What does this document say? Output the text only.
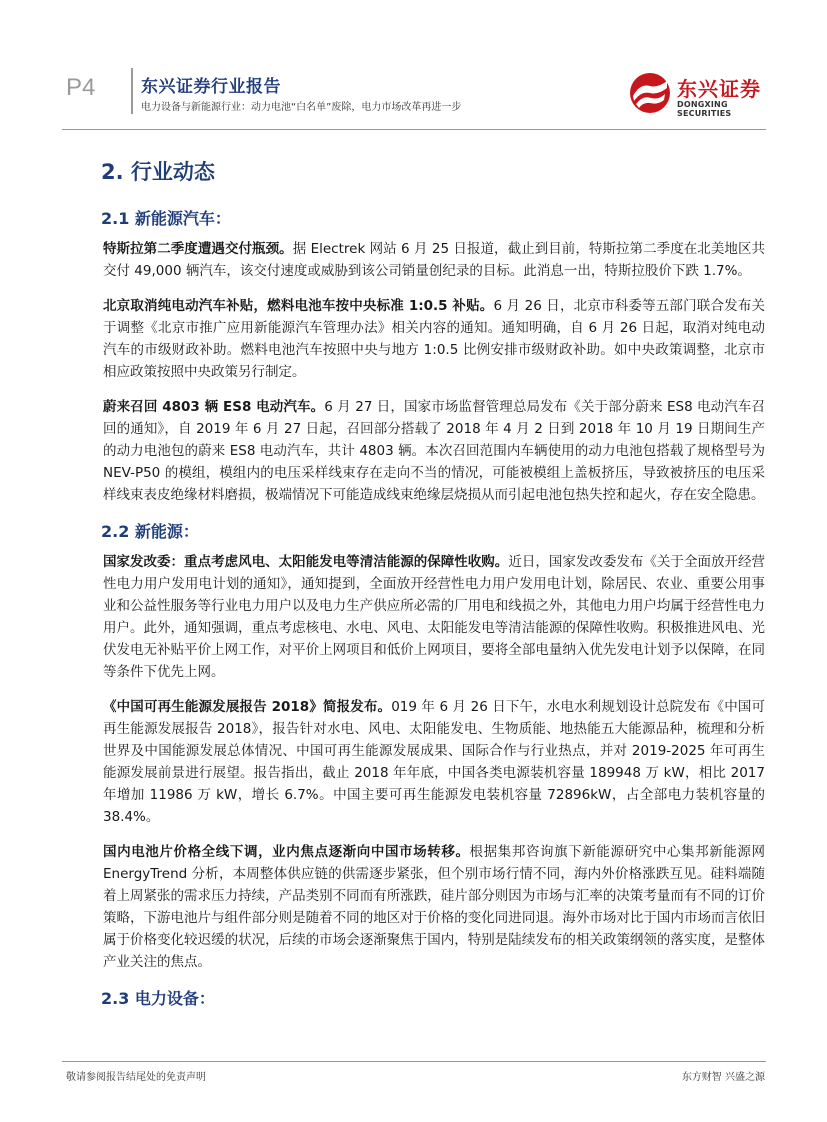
P4	东兴证券行业报告
电力设备与新能源行业：动力电池“白名单”废除，电力市场改革再进一步
东兴证券
DONGXING SECURITIES
2. 行业动态
2.1 新能源汽车：

特斯拉第二季度遭遇交付瓶颈。据 Electrek 网站 6 月 25 日报道，截止到目前，特斯拉第二季度在北美地区共交付 49,000 辆汽车，该交付速度或威胁到该公司销量创纪录的目标。此消息一出，特斯拉股价下跌 1.7%。

北京取消纯电动汽车补贴，燃料电池车按中央标准 1:0.5 补贴。6 月 26 日，北京市科委等五部门联合发布关于调整《北京市推广应用新能源汽车管理办法》相关内容的通知。通知明确，自 6 月 26 日起，取消对纯电动汽车的市级财政补助。燃料电池汽车按照中央与地方 1:0.5 比例安排市级财政补助。如中央政策调整，北京市相应政策按照中央政策另行制定。

蔚来召回 4803 辆 ES8 电动汽车。6 月 27 日，国家市场监督管理总局发布《关于部分蔚来 ES8 电动汽车召回的通知》，自 2019 年 6 月 27 日起，召回部分搭载了 2018 年 4 月 2 日到 2018 年 10 月 19 日期间生产的动力电池包的蔚来 ES8 电动汽车，共计 4803 辆。本次召回范围内车辆使用的动力电池包搭载了规格型号为 NEV-P50 的模组，模组内的电压采样线束存在走向不当的情况，可能被模组上盖板挤压，导致被挤压的电压采样线束表皮绝缘材料磨损，极端情况下可能造成线束绝缘层烧损从而引起电池包热失控和起火，存在安全隐患。

2.2 新能源：

国家发改委：重点考虑风电、太阳能发电等清洁能源的保障性收购。近日，国家发改委发布《关于全面放开经营性电力用户发用电计划的通知》，通知提到，全面放开经营性电力用户发用电计划，除居民、农业、重要公用事业和公益性服务等行业电力用户以及电力生产供应所必需的厂用电和线损之外，其他电力用户均属于经营性电力用户。此外，通知强调，重点考虑核电、水电、风电、太阳能发电等清洁能源的保障性收购。积极推进风电、光伏发电无补贴平价上网工作，对平价上网项目和低价上网项目，要将全部电量纳入优先发电计划予以保障，在同等条件下优先上网。

《中国可再生能源发展报告 2018》简报发布。019 年 6 月 26 日下午，水电水利规划设计总院发布《中国可再生能源发展报告 2018》，报告针对水电、风电、太阳能发电、生物质能、地热能五大能源品种，梳理和分析世界及中国能源发展总体情况、中国可再生能源发展成果、国际合作与行业热点，并对 2019-2025 年可再生能源发展前景进行展望。报告指出，截止 2018 年年底，中国各类电源装机容量 189948 万 kW，相比 2017 年增加 11986 万 kW，增长 6.7%。中国主要可再生能源发电装机容量 72896kW，占全部电力装机容量的 38.4%。

国内电池片价格全线下调，业内焦点逐渐向中国市场转移。根据集邦咨询旗下新能源研究中心集邦新能源网 EnergyTrend 分析，本周整体供应链的供需逐步紧张，但个别市场行情不同，海内外价格涨跌互见。硅料端随着上周紧张的需求压力持续，产品类别不同而有所涨跌，硅片部分则因为市场与汇率的决策考量而有不同的订价策略，下游电池片与组件部分则是随着不同的地区对于价格的变化同进同退。海外市场对比于国内市场而言依旧属于价格变化较迟缓的状况，后续的市场会逐渐聚焦于国内，特别是陆续发布的相关政策纲领的落实度，是整体产业关注的焦点。

2.3 电力设备：
敬请参阅报告结尾处的免责声明	东方财智 兴盛之源
